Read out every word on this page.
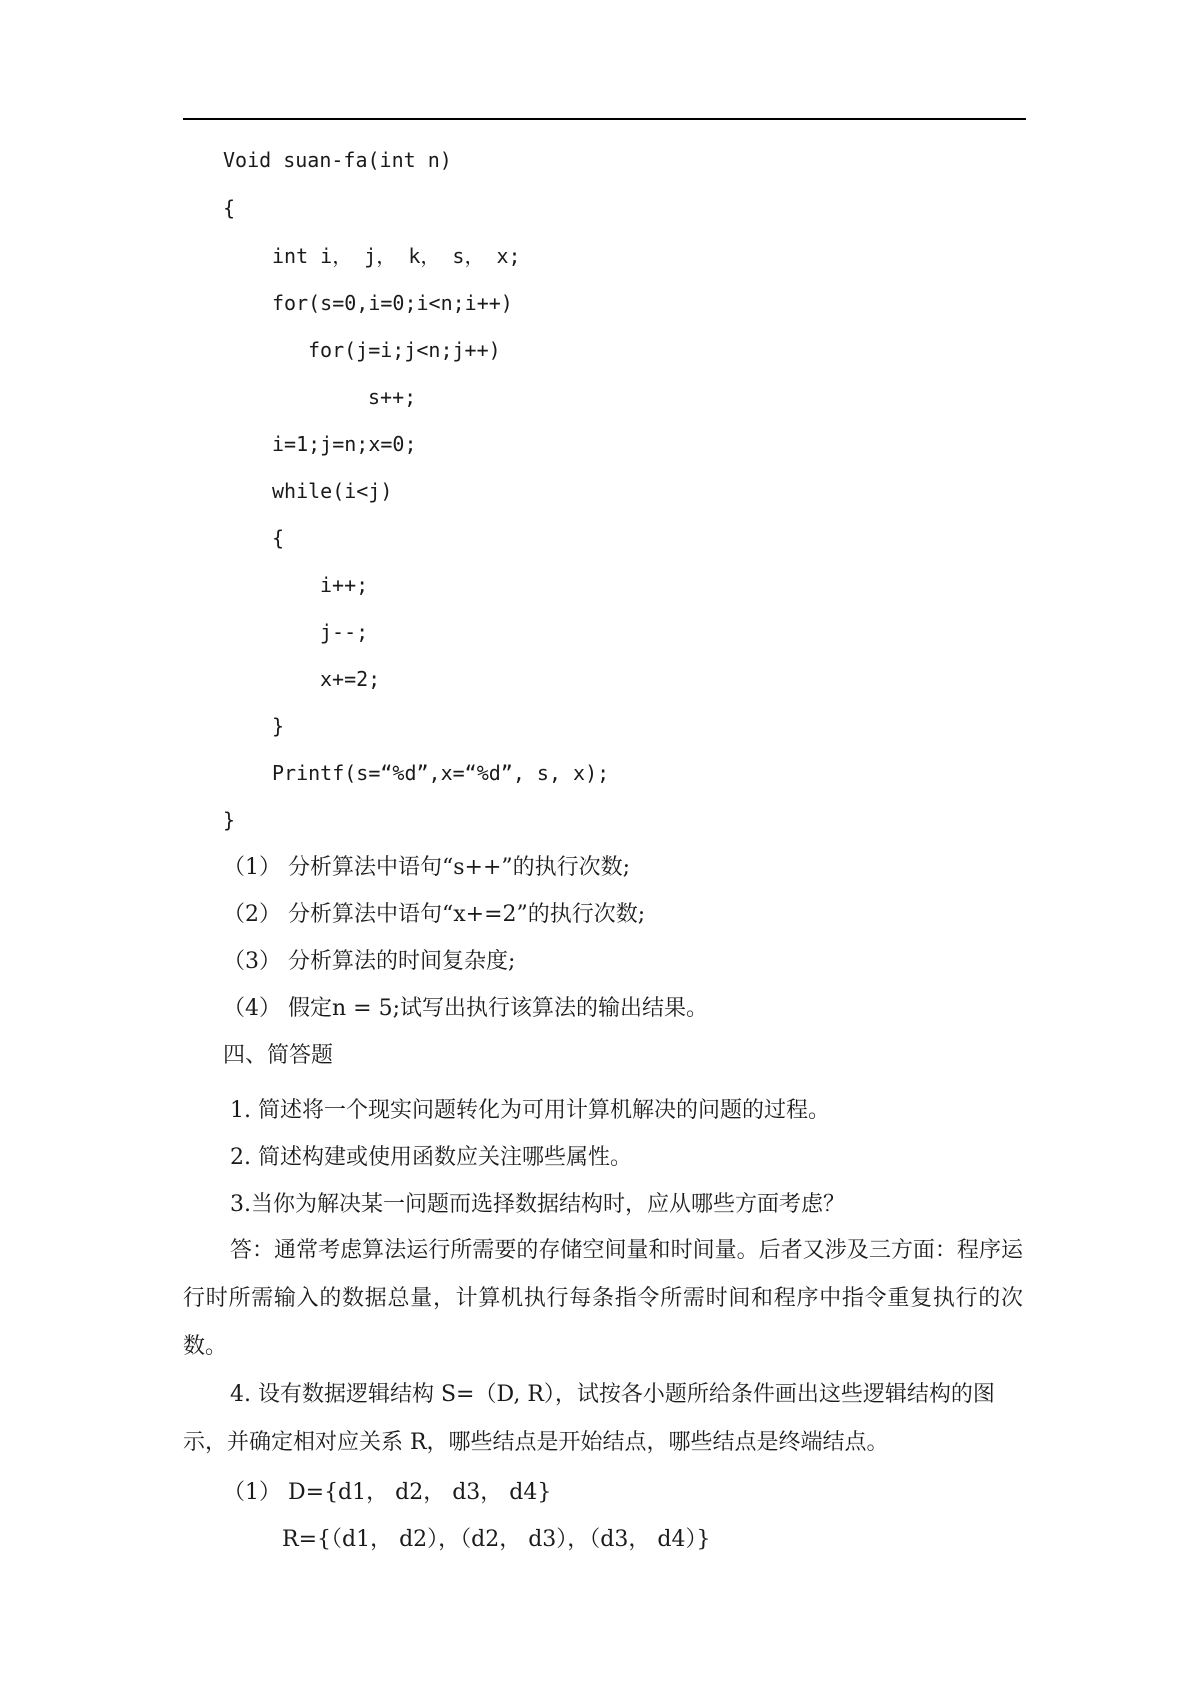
Void suan-fa(int n)
{
int i， j， k， s， x;
for(s=0,i=0;i<n;i++)
for(j=i;j<n;j++)
s++;
i=1;j=n;x=0;
while(i<j)
{
i++;
j--;
x+=2;
}
Printf(s=“%d”,x=“%d”, s, x);
}
（1） 分析算法中语句“s++”的执行次数;
（2） 分析算法中语句“x+=2”的执行次数;
（3） 分析算法的时间复杂度;
（4） 假定n = 5;试写出执行该算法的输出结果。
四、简答题
1. 简述将一个现实问题转化为可用计算机解决的问题的过程。
2. 简述构建或使用函数应关注哪些属性。
3.当你为解决某一问题而选择数据结构时，应从哪些方面考虑？
答：通常考虑算法运行所需要的存储空间量和时间量。后者又涉及三方面：程序运行时所需输入的数据总量，计算机执行每条指令所需时间和程序中指令重复执行的次数。
4. 设有数据逻辑结构 S=（D, R），试按各小题所给条件画出这些逻辑结构的图示，并确定相对应关系 R，哪些结点是开始结点，哪些结点是终端结点。
（1） D={d1， d2， d3， d4}
R={（d1， d2），（d2， d3），（d3， d4）}
